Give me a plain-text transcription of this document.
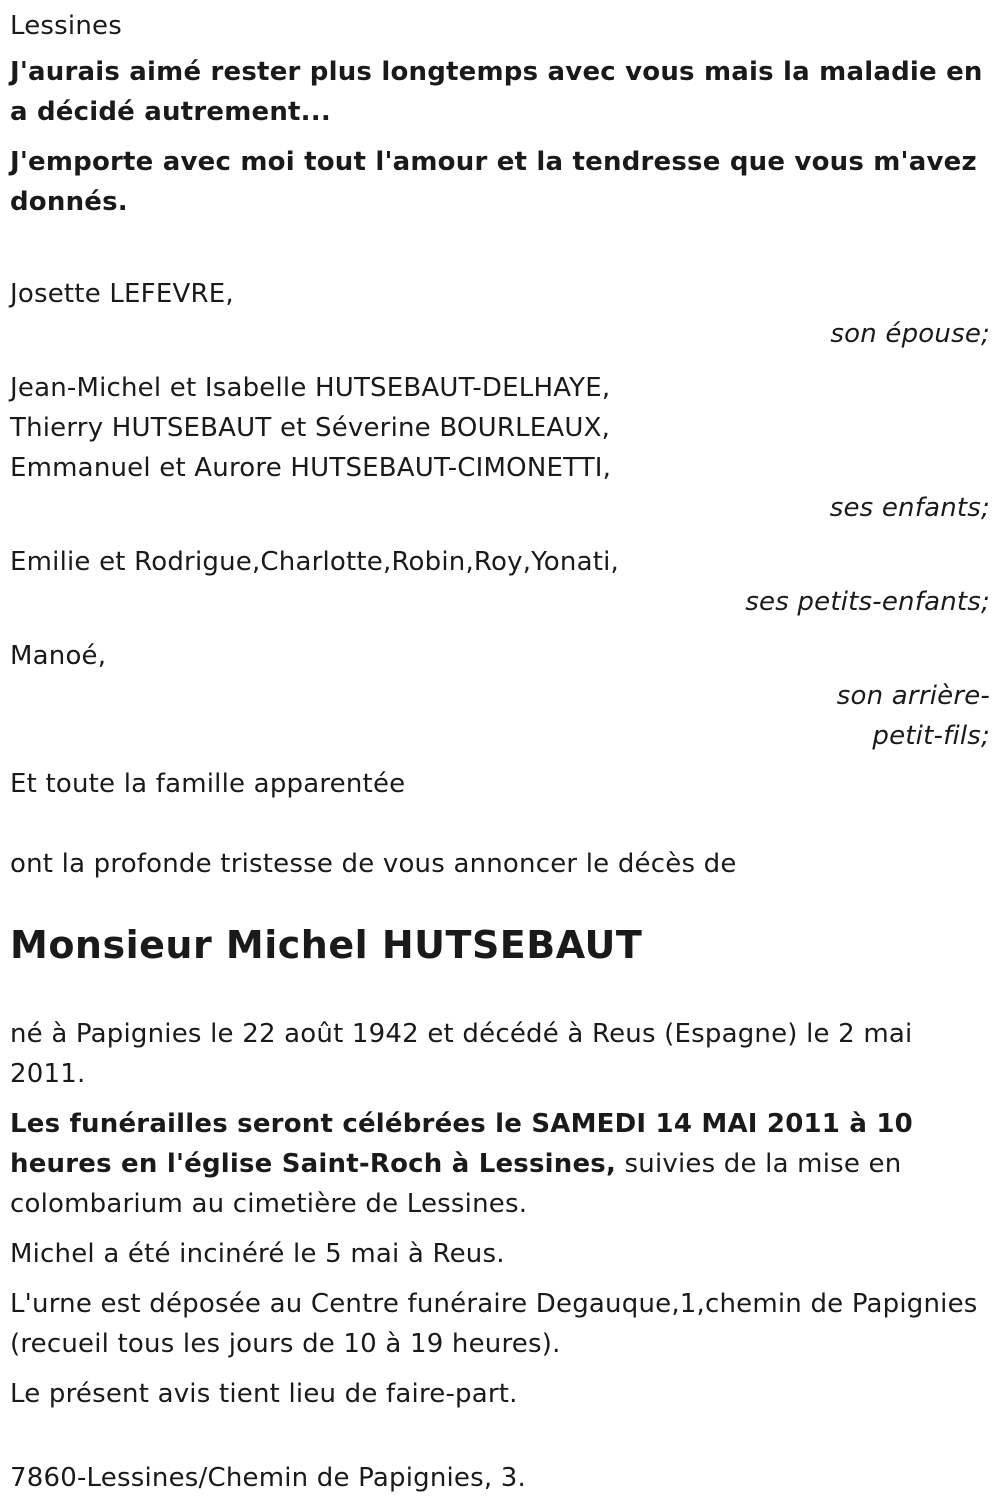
Lessines

J'aurais aimé rester plus longtemps avec vous mais la maladie en a décidé autrement...

J'emporte avec moi tout l'amour et la tendresse que vous m'avez donnés.

Josette LEFEVRE,

son épouse;

Jean-Michel et Isabelle HUTSEBAUT-DELHAYE,

Thierry HUTSEBAUT et Séverine BOURLEAUX,

Emmanuel et Aurore HUTSEBAUT-CIMONETTI,

ses enfants;

Emilie et Rodrigue,Charlotte,Robin,Roy,Yonati,

ses petits-enfants;

Manoé,

son arrière-
petit-fils;

Et toute la famille apparentée

ont la profonde tristesse de vous annoncer le décès de

Monsieur Michel HUTSEBAUT

né à Papignies le 22 août 1942 et décédé à Reus (Espagne) le 2 mai 2011.

Les funérailles seront célébrées le SAMEDI 14 MAI 2011 à 10 heures en l'église Saint-Roch à Lessines, suivies de la mise en colombarium au cimetière de Lessines.

Michel a été incinéré le 5 mai à Reus.

L'urne est déposée au Centre funéraire Degauque,1,chemin de Papignies (recueil tous les jours de 10 à 19 heures).

Le présent avis tient lieu de faire-part.

7860-Lessines/Chemin de Papignies, 3.
